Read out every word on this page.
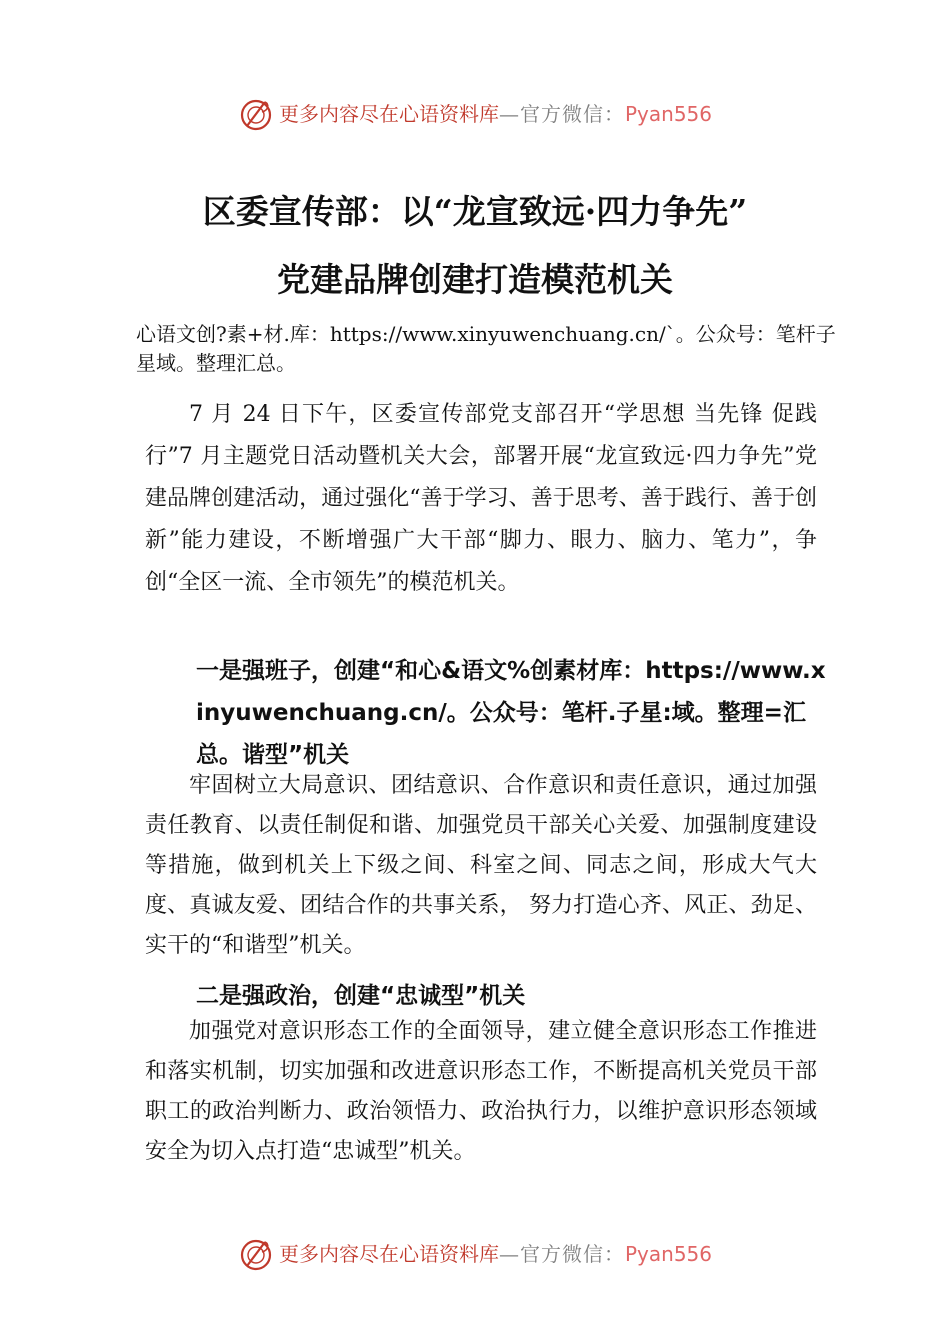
更多内容尽在心语资料库—官方微信：Pyan556
区委宣传部：以“龙宣致远·四力争先”
党建品牌创建打造模范机关
心语文创?素+材.库：https://www.xinyuwenchuang.cn/`。公众号：笔杆子星域。整理汇总。
7 月 24 日下午，区委宣传部党支部召开“学思想 当先锋 促践行”7 月主题党日活动暨机关大会，部署开展“龙宣致远·四力争先”党建品牌创建活动，通过强化“善于学习、善于思考、善于践行、善于创新”能力建设，不断增强广大干部“脚力、眼力、脑力、笔力”，争创“全区一流、全市领先”的模范机关。
一是强班子，创建“和心&语文%创素材库：https://www.xinyuwenchuang.cn/。公众号：笔杆.子星:域。整理=汇总。谐型”机关
牢固树立大局意识、团结意识、合作意识和责任意识，通过加强责任教育、以责任制促和谐、加强党员干部关心关爱、加强制度建设等措施，做到机关上下级之间、科室之间、同志之间，形成大气大度、真诚友爱、团结合作的共事关系， 努力打造心齐、风正、劲足、实干的“和谐型”机关。
二是强政治，创建“忠诚型”机关
加强党对意识形态工作的全面领导，建立健全意识形态工作推进和落实机制，切实加强和改进意识形态工作，不断提高机关党员干部职工的政治判断力、政治领悟力、政治执行力，以维护意识形态领域安全为切入点打造“忠诚型”机关。
更多内容尽在心语资料库—官方微信：Pyan556
